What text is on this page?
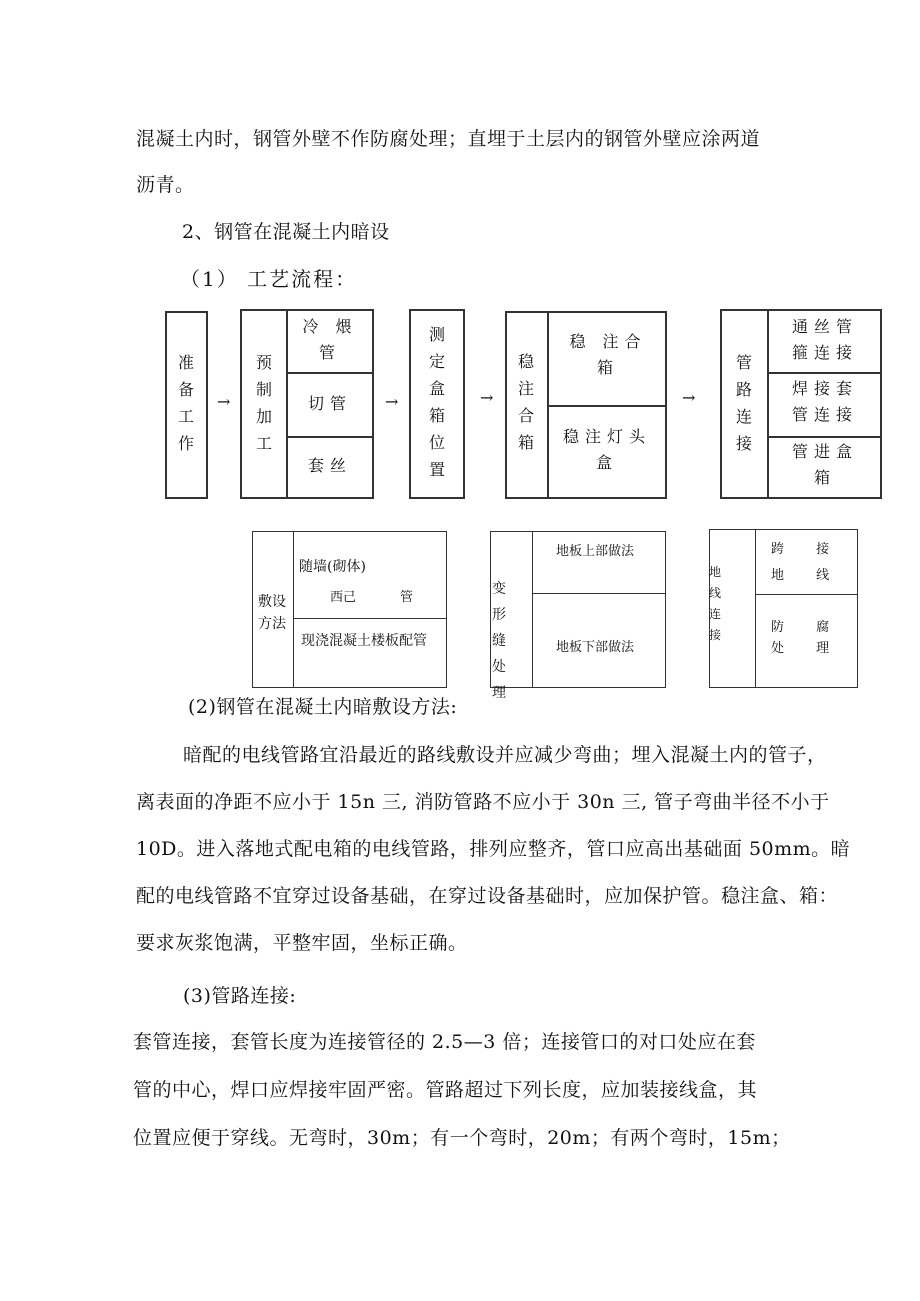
混凝土内时，钢管外壁不作防腐处理；直埋于土层内的钢管外壁应涂两道
沥青。
2、钢管在混凝土内暗设
（1） 工艺流程：
准备工作
→
预制加工
冷 煨管
切管
套丝
→
测定盒箱位置
→
稳注合箱
稳 注合 箱
稳注灯头盒
→
管路连接
通丝管箍连接
焊接套管连接
管进盒箱
敷设方法
随墙(砌体)
西己	管
现浇混凝土楼板配管
变形缝处理
地板上部做法
地板下部做法
地线连接
跨 接
地 线
防 腐
处 理
(2)钢管在混凝土内暗敷设方法:
暗配的电线管路宜沿最近的路线敷设并应减少弯曲；埋入混凝土内的管子，
离表面的净距不应小于 15n 三, 消防管路不应小于 30n 三, 管子弯曲半径不小于
10D。进入落地式配电箱的电线管路，排列应整齐，管口应高出基础面 50mm。暗
配的电线管路不宜穿过设备基础，在穿过设备基础时，应加保护管。稳注盒、箱：
要求灰浆饱满，平整牢固，坐标正确。
(3)管路连接:
套管连接，套管长度为连接管径的 2.5—3 倍；连接管口的对口处应在套
管的中心，焊口应焊接牢固严密。管路超过下列长度，应加装接线盒，其
位置应便于穿线。无弯时，30m；有一个弯时，20m；有两个弯时，15m；
